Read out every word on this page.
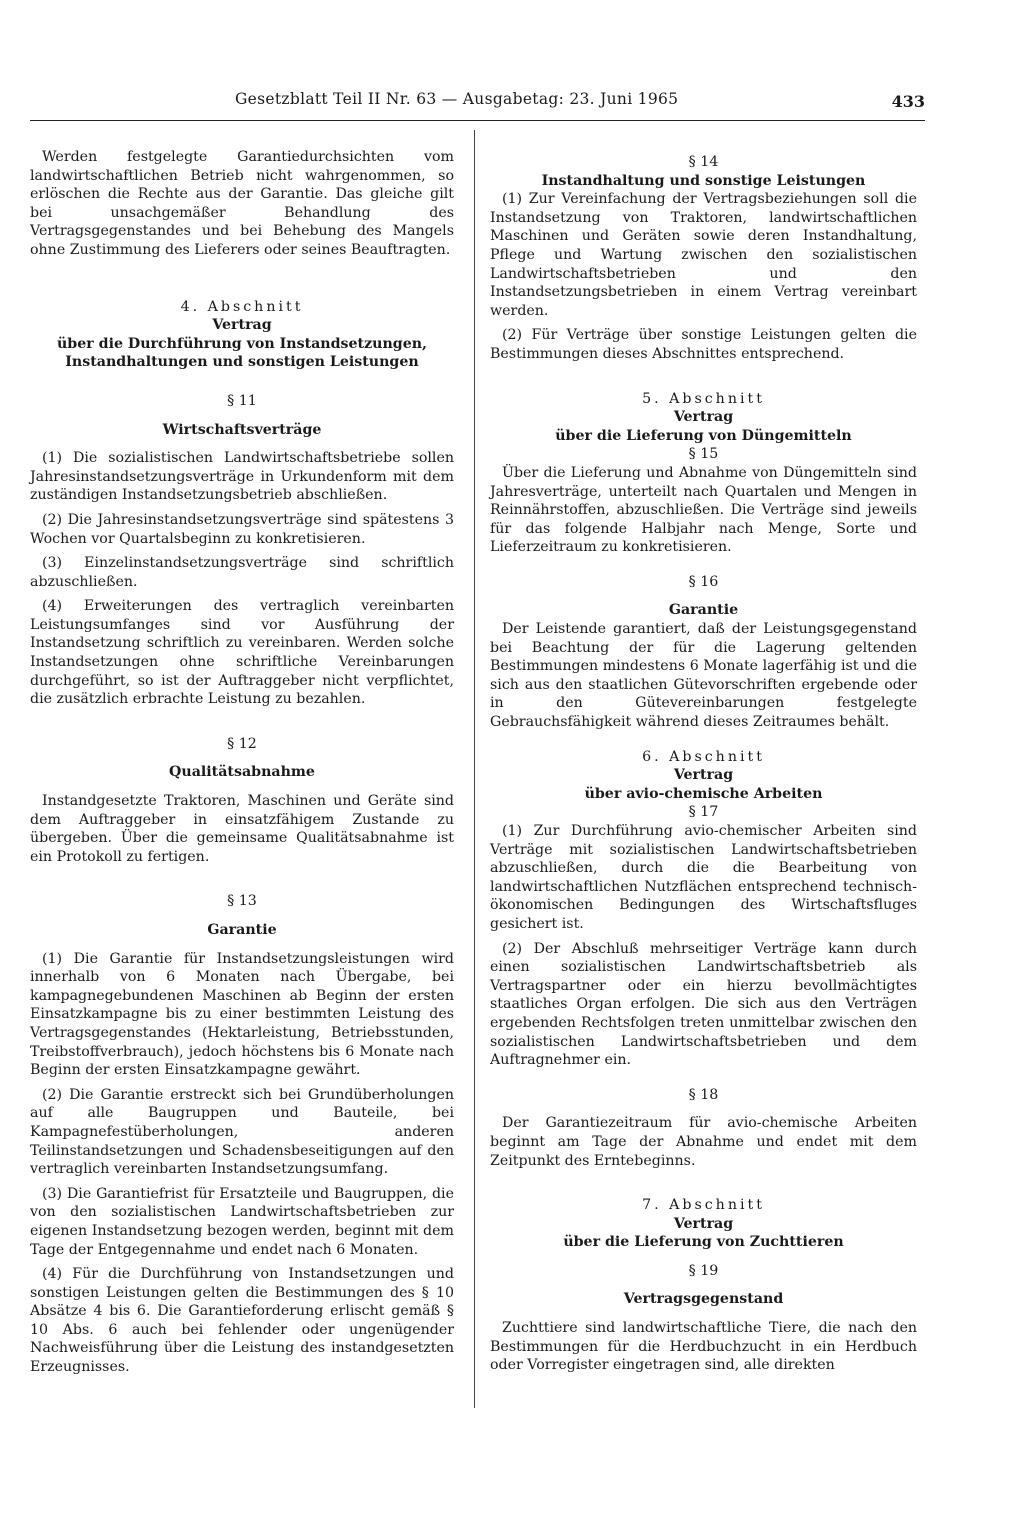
Gesetzblatt Teil II Nr. 63 — Ausgabetag: 23. Juni 1965	433

Werden festgelegte Garantiedurchsichten vom landwirtschaftlichen Betrieb nicht wahrgenommen, so erlöschen die Rechte aus der Garantie. Das gleiche gilt bei unsachgemäßer Behandlung des Vertragsgegenstandes und bei Behebung des Mangels ohne Zustimmung des Lieferers oder seines Beauftragten.

4. Abschnitt

Vertrag

über die Durchführung von Instandsetzungen,

Instandhaltungen und sonstigen Leistungen

§ 11

Wirtschaftsverträge

(1) Die sozialistischen Landwirtschaftsbetriebe sollen Jahresinstandsetzungsverträge in Urkundenform mit dem zuständigen Instandsetzungsbetrieb abschließen.

(2) Die Jahresinstandsetzungsverträge sind spätestens 3 Wochen vor Quartalsbeginn zu konkretisieren.

(3) Einzelinstandsetzungsverträge sind schriftlich abzuschließen.

(4) Erweiterungen des vertraglich vereinbarten Leistungsumfanges sind vor Ausführung der Instandsetzung schriftlich zu vereinbaren. Werden solche Instandsetzungen ohne schriftliche Vereinbarungen durchgeführt, so ist der Auftraggeber nicht verpflichtet, die zusätzlich erbrachte Leistung zu bezahlen.

§ 12

Qualitätsabnahme

Instandgesetzte Traktoren, Maschinen und Geräte sind dem Auftraggeber in einsatzfähigem Zustande zu übergeben. Über die gemeinsame Qualitätsabnahme ist ein Protokoll zu fertigen.

§ 13

Garantie

(1) Die Garantie für Instandsetzungsleistungen wird innerhalb von 6 Monaten nach Übergabe, bei kampagnegebundenen Maschinen ab Beginn der ersten Einsatzkampagne bis zu einer bestimmten Leistung des Vertragsgegenstandes (Hektarleistung, Betriebsstunden, Treibstoffverbrauch), jedoch höchstens bis 6 Monate nach Beginn der ersten Einsatzkampagne gewährt.

(2) Die Garantie erstreckt sich bei Grundüberholungen auf alle Baugruppen und Bauteile, bei Kampagnefestüberholungen, anderen Teilinstandsetzungen und Schadensbeseitigungen auf den vertraglich vereinbarten Instandsetzungsumfang.

(3) Die Garantiefrist für Ersatzteile und Baugruppen, die von den sozialistischen Landwirtschaftsbetrieben zur eigenen Instandsetzung bezogen werden, beginnt mit dem Tage der Entgegennahme und endet nach 6 Monaten.

(4) Für die Durchführung von Instandsetzungen und sonstigen Leistungen gelten die Bestimmungen des § 10 Absätze 4 bis 6. Die Garantieforderung erlischt gemäß § 10 Abs. 6 auch bei fehlender oder ungenügender Nachweisführung über die Leistung des instandgesetzten Erzeugnisses.

§ 14

Instandhaltung und sonstige Leistungen

(1) Zur Vereinfachung der Vertragsbeziehungen soll die Instandsetzung von Traktoren, landwirtschaftlichen Maschinen und Geräten sowie deren Instandhaltung, Pflege und Wartung zwischen den sozialistischen Landwirtschaftsbetrieben und den Instandsetzungsbetrieben in einem Vertrag vereinbart werden.

(2) Für Verträge über sonstige Leistungen gelten die Bestimmungen dieses Abschnittes entsprechend.

5. Abschnitt

Vertrag

über die Lieferung von Düngemitteln

§ 15

Über die Lieferung und Abnahme von Düngemitteln sind Jahresverträge, unterteilt nach Quartalen und Mengen in Reinnährstoffen, abzuschließen. Die Verträge sind jeweils für das folgende Halbjahr nach Menge, Sorte und Lieferzeitraum zu konkretisieren.

§ 16

Garantie

Der Leistende garantiert, daß der Leistungsgegenstand bei Beachtung der für die Lagerung geltenden Bestimmungen mindestens 6 Monate lagerfähig ist und die sich aus den staatlichen Gütevorschriften ergebende oder in den Gütevereinbarungen festgelegte Gebrauchsfähigkeit während dieses Zeitraumes behält.

6. Abschnitt

Vertrag

über avio-chemische Arbeiten

§ 17

(1) Zur Durchführung avio-chemischer Arbeiten sind Verträge mit sozialistischen Landwirtschaftsbetrieben abzuschließen, durch die die Bearbeitung von landwirtschaftlichen Nutzflächen entsprechend technisch-ökonomischen Bedingungen des Wirtschaftsfluges gesichert ist.

(2) Der Abschluß mehrseitiger Verträge kann durch einen sozialistischen Landwirtschaftsbetrieb als Vertragspartner oder ein hierzu bevollmächtigtes staatliches Organ erfolgen. Die sich aus den Verträgen ergebenden Rechtsfolgen treten unmittelbar zwischen den sozialistischen Landwirtschaftsbetrieben und dem Auftragnehmer ein.

§ 18

Der Garantiezeitraum für avio-chemische Arbeiten beginnt am Tage der Abnahme und endet mit dem Zeitpunkt des Erntebeginns.

7. Abschnitt

Vertrag

über die Lieferung von Zuchttieren

§ 19

Vertragsgegenstand

Zuchttiere sind landwirtschaftliche Tiere, die nach den Bestimmungen für die Herdbuchzucht in ein Herdbuch oder Vorregister eingetragen sind, alle direkten
